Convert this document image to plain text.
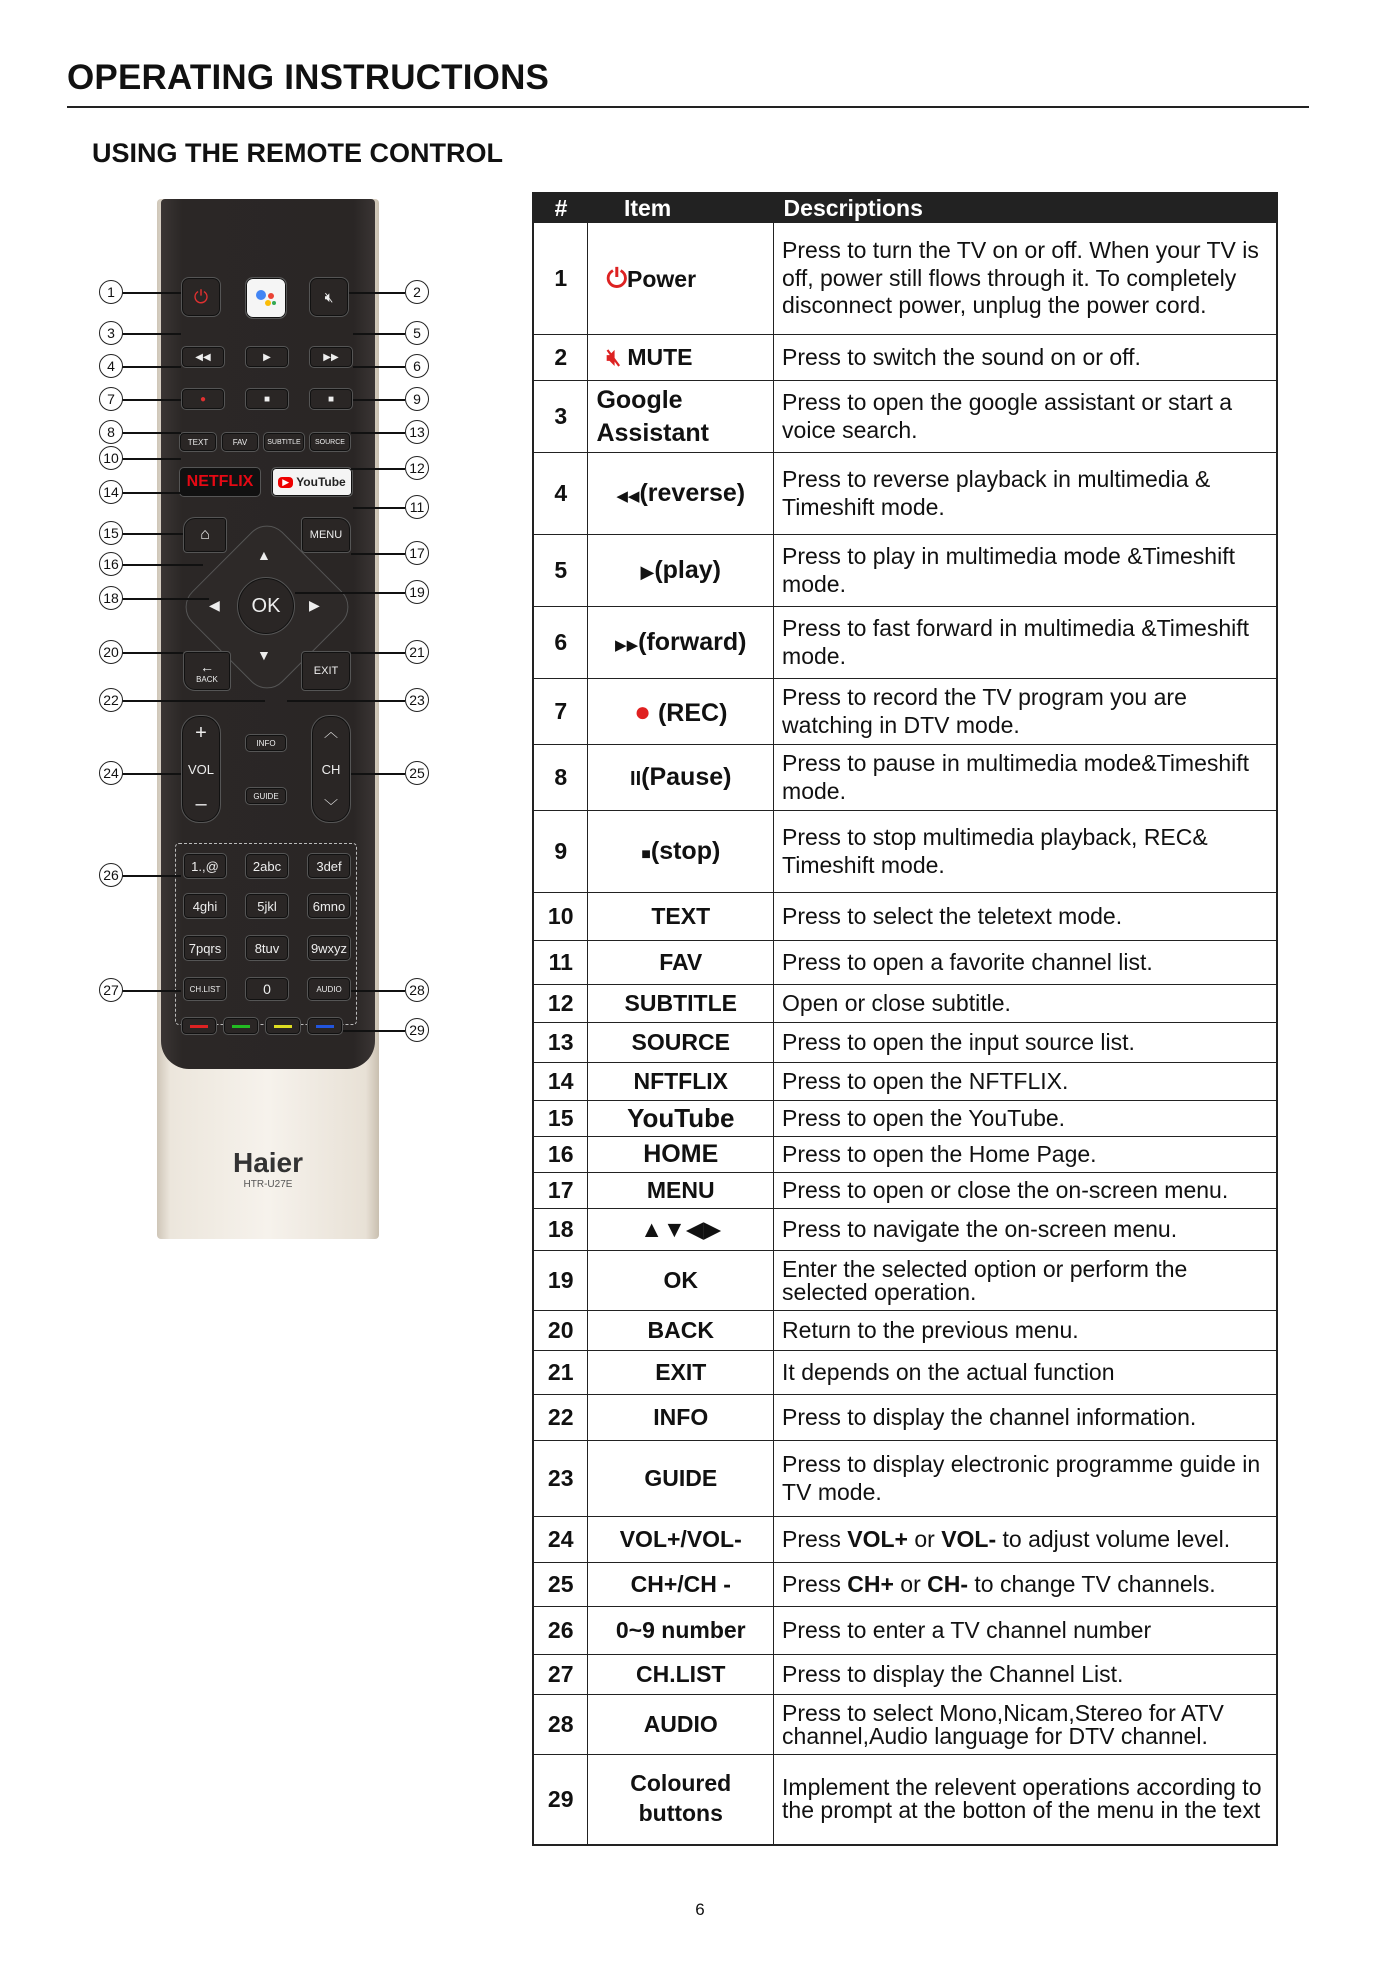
OPERATING INSTRUCTIONS
USING THE REMOTE CONTROL
⏻	🔇︎
◀◀	▶	▶▶
●	■	■
TEXT	FAV	SUBTITLE	SOURCE
NETFLIX	▶ YouTube
⌂	MENU
▲
▼
◀	▶
OK
←
BACK
EXIT
+
VOL
–
︿
CH
﹀
INFO
GUIDE
1.,@	2abc	3def
4ghi	5jkl	6mno
7pqrs	8tuv	9wxyz
CH.LIST	0	AUDIO
Haier
HTR-U27E
1
3
4
7
8
10
14
15
16
18
20
22
24
26
27
2
5
6
9
13
12
11
17
19
21
23
25
28
29
#	Item	Descriptions
1	⏻Power	Press to turn the TV on or off. When your TV is off, power still flows through it. To completely disconnect power, unplug the power cord.
2	🔇︎ MUTE	Press to switch the sound on or off.
3	Google Assistant	Press to open the google assistant or start a voice search.
4	◀◀(reverse)	Press to reverse playback in multimedia & Timeshift mode.
5	▶(play)	Press to play in multimedia mode &Timeshift mode.
6	▶▶(forward)	Press to fast forward in multimedia &Timeshift mode.
7	● (REC)	Press to record the TV program you are watching in DTV mode.
8	II(Pause)	Press to pause in multimedia mode&Timeshift mode.
9	■(stop)	Press to stop multimedia playback, REC& Timeshift mode.
10	TEXT	Press to select the teletext mode.
11	FAV	Press to open a favorite channel list.
12	SUBTITLE	Open or close subtitle.
13	SOURCE	Press to open the input source list.
14	NFTFLIX	Press to open the NFTFLIX.
15	YouTube	Press to open the YouTube.
16	HOME	Press to open the Home Page.
17	MENU	Press to open or close the on-screen menu.
18	▲▼◀▶	Press to navigate the on-screen menu.
19	OK	Enter the selected option or perform the selected operation.
20	BACK	Return to the previous menu.
21	EXIT	It depends on the actual function
22	INFO	Press to display the channel information.
23	GUIDE	Press to display electronic programme guide in TV mode.
24	VOL+/VOL-	Press VOL+ or VOL- to adjust volume level.
25	CH+/CH -	Press CH+ or CH- to change TV channels.
26	0~9 number	Press to enter a TV channel number
27	CH.LIST	Press to display the Channel List.
28	AUDIO	Press to select Mono,Nicam,Stereo for ATV channel,Audio language for DTV channel.
29	Coloured buttons	Implement the relevent operations according to the prompt at the botton of the menu in the text
6
